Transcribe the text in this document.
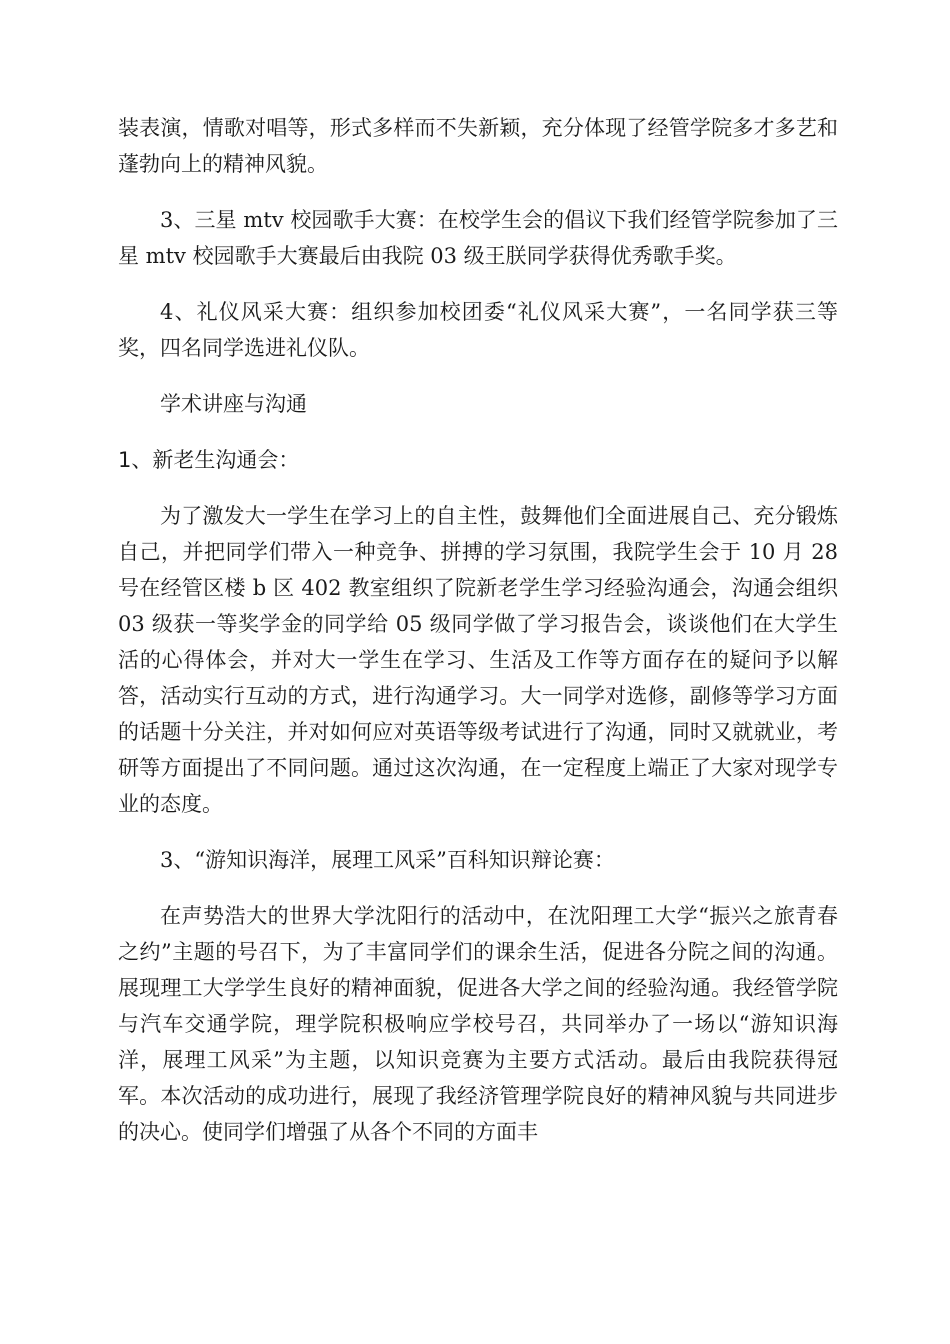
装表演，情歌对唱等，形式多样而不失新颖，充分体现了经管学院多才多艺和蓬勃向上的精神风貌。

3、三星 mtv 校园歌手大赛：在校学生会的倡议下我们经管学院参加了三星 mtv 校园歌手大赛最后由我院 03 级王朕同学获得优秀歌手奖。

4、礼仪风采大赛：组织参加校团委“礼仪风采大赛”，一名同学获三等奖，四名同学选进礼仪队。

学术讲座与沟通

1、新老生沟通会：

为了激发大一学生在学习上的自主性，鼓舞他们全面进展自己、充分锻炼自己，并把同学们带入一种竞争、拼搏的学习氛围，我院学生会于 10 月 28 号在经管区楼 b 区 402 教室组织了院新老学生学习经验沟通会，沟通会组织 03 级获一等奖学金的同学给 05 级同学做了学习报告会，谈谈他们在大学生活的心得体会，并对大一学生在学习、生活及工作等方面存在的疑问予以解答，活动实行互动的方式，进行沟通学习。大一同学对选修，副修等学习方面的话题十分关注，并对如何应对英语等级考试进行了沟通，同时又就就业，考研等方面提出了不同问题。通过这次沟通，在一定程度上端正了大家对现学专业的态度。

3、“游知识海洋，展理工风采”百科知识辩论赛：

在声势浩大的世界大学沈阳行的活动中，在沈阳理工大学“振兴之旅青春之约”主题的号召下，为了丰富同学们的课余生活，促进各分院之间的沟通。展现理工大学学生良好的精神面貌，促进各大学之间的经验沟通。我经管学院与汽车交通学院，理学院积极响应学校号召，共同举办了一场以“游知识海洋，展理工风采”为主题，以知识竞赛为主要方式活动。最后由我院获得冠军。本次活动的成功进行，展现了我经济管理学院良好的精神风貌与共同进步的决心。使同学们增强了从各个不同的方面丰
